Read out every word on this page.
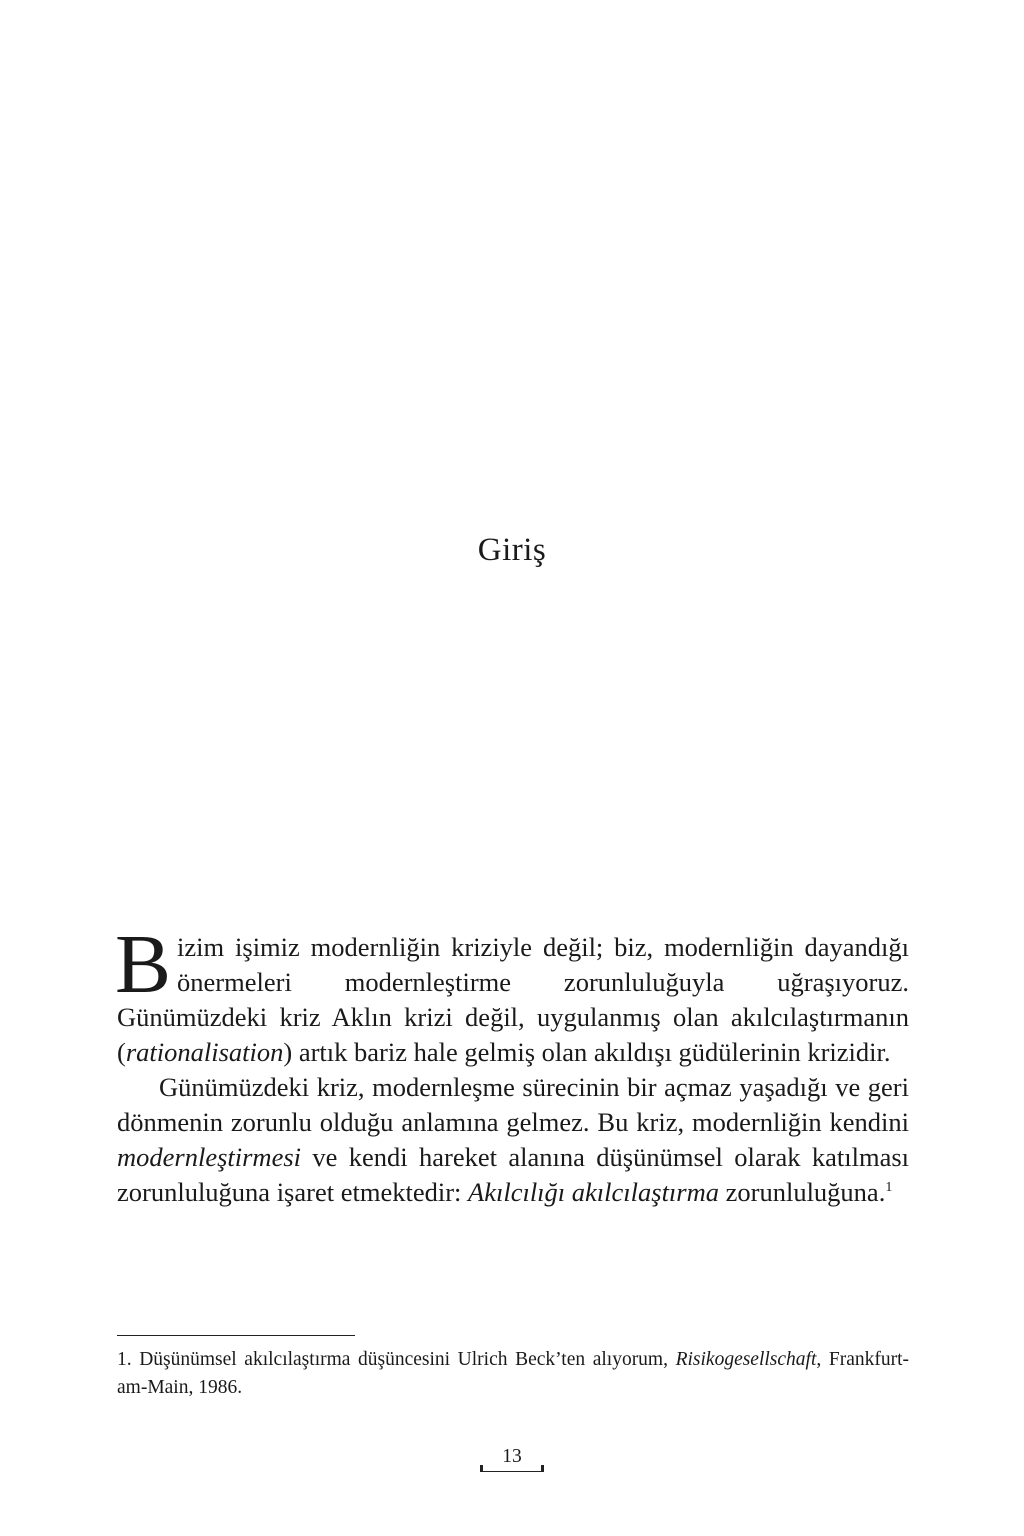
Giriş

Bizim işimiz modernliğin kriziyle değil; biz, modernliğin dayandığı önermeleri modernleştirme zorunluluğuyla uğraşıyoruz. Günümüzdeki kriz Aklın krizi değil, uygulanmış olan akılcılaştırmanın (rationalisation) artık bariz hale gelmiş olan akıldışı güdülerinin krizidir.

Günümüzdeki kriz, modernleşme sürecinin bir açmaz yaşadığı ve geri dönmenin zorunlu olduğu anlamına gelmez. Bu kriz, modernliğin kendini modernleştirmesi ve kendi hareket alanına düşünümsel olarak katılması zorunluluğuna işaret etmektedir: Akılcılığı akılcılaştırma zorunluluğuna.$^1$

1. Düşünümsel akılcılaştırma düşüncesini Ulrich Beck’ten alıyorum, Risikogesellschaft, Frankfurt-am-Main, 1986.

13
